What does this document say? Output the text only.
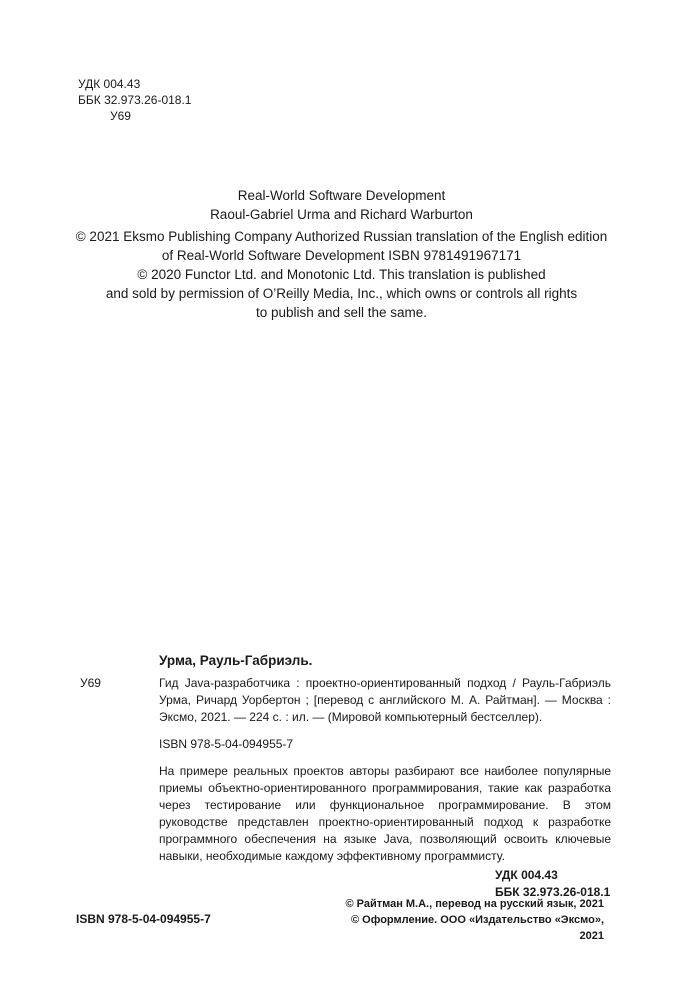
УДК 004.43
ББК 32.973.26-018.1
У69
Real-World Software Development
Raoul-Gabriel Urma and Richard Warburton
© 2021 Eksmo Publishing Company Authorized Russian translation of the English edition
of Real-World Software Development ISBN 9781491967171
© 2020 Functor Ltd. and Monotonic Ltd. This translation is published
and sold by permission of O’Reilly Media, Inc., which owns or controls all rights
to publish and sell the same.
Урма, Рауль-Габриэль.
У69	Гид Java-разработчика : проектно-ориентированный подход / Рауль-Габриэль Урма, Ричард Уорбертон ; [перевод с английского М. А. Райтман]. — Москва : Эксмо, 2021. — 224 с. : ил. — (Мировой компьютерный бестселлер).
ISBN 978-5-04-094955-7
На примере реальных проектов авторы разбирают все наиболее популярные приемы объектно-ориентированного программирования, такие как разработка через тестирование или функциональное программирование. В этом руководстве представлен проектно-ориентированный подход к разработке программного обеспечения на языке Java, позволяющий освоить ключевые навыки, необходимые каждому эффективному программисту.
УДК 004.43
ББК 32.973.26-018.1
ISBN 978-5-04-094955-7
© Райтман М.А., перевод на русский язык, 2021
© Оформление. ООО «Издательство «Эксмо», 2021
